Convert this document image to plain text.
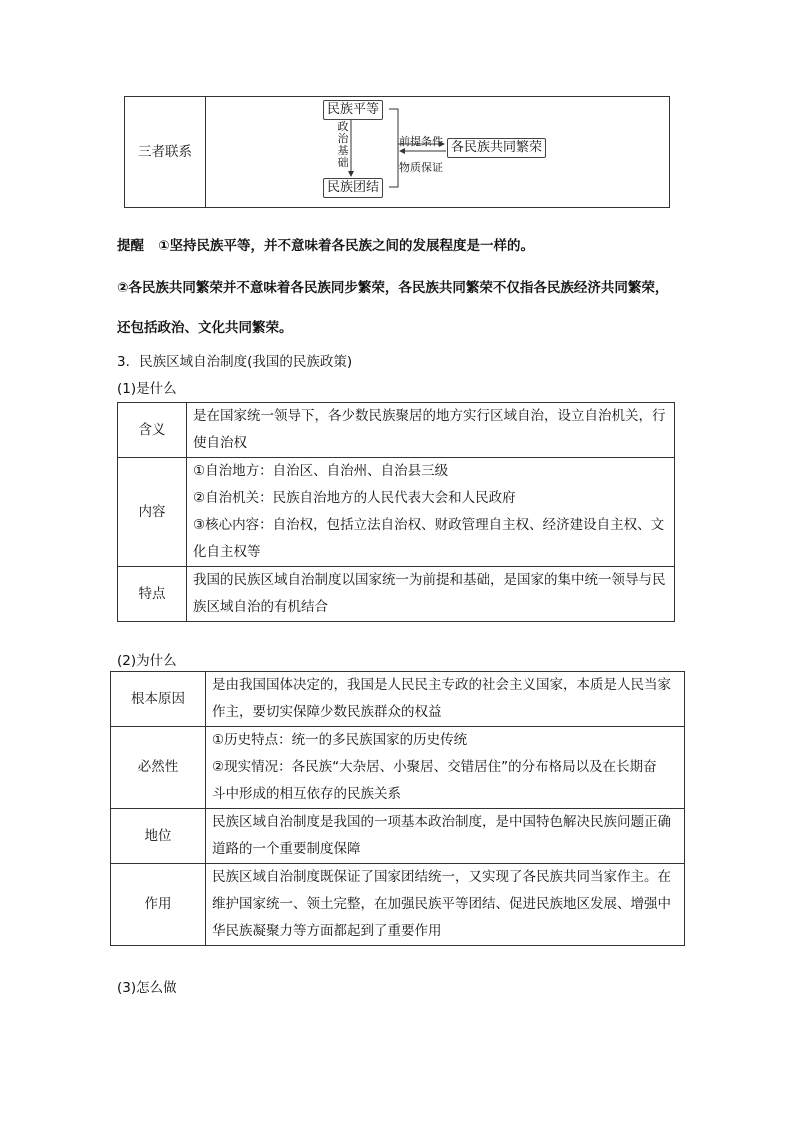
三者联系	
民族平等
民族团结
各民族共同繁荣
政
治
基
础
前提条件
物质保证
提醒 ①坚持民族平等，并不意味着各民族之间的发展程度是一样的。
②各民族共同繁荣并不意味着各民族同步繁荣，各民族共同繁荣不仅指各民族经济共同繁荣，
还包括政治、文化共同繁荣。
3．民族区域自治制度(我国的民族政策)
(1)是什么
含义	是在国家统一领导下，各少数民族聚居的地方实行区域自治，设立自治机关，行
使自治权

内容	①自治地方：自治区、自治州、自治县三级
②自治机关：民族自治地方的人民代表大会和人民政府
③核心内容：自治权，包括立法自治权、财政管理自主权、经济建设自主权、文
化自主权等

特点	我国的民族区域自治制度以国家统一为前提和基础，是国家的集中统一领导与民
族区域自治的有机结合
(2)为什么
根本原因	是由我国国体决定的，我国是人民民主专政的社会主义国家，本质是人民当家
作主，要切实保障少数民族群众的权益

必然性	①历史特点：统一的多民族国家的历史传统
②现实情况：各民族“大杂居、小聚居、交错居住”的分布格局以及在长期奋
斗中形成的相互依存的民族关系

地位	民族区域自治制度是我国的一项基本政治制度，是中国特色解决民族问题正确
道路的一个重要制度保障

作用	民族区域自治制度既保证了国家团结统一，又实现了各民族共同当家作主。在
维护国家统一、领土完整，在加强民族平等团结、促进民族地区发展、增强中
华民族凝聚力等方面都起到了重要作用
(3)怎么做
